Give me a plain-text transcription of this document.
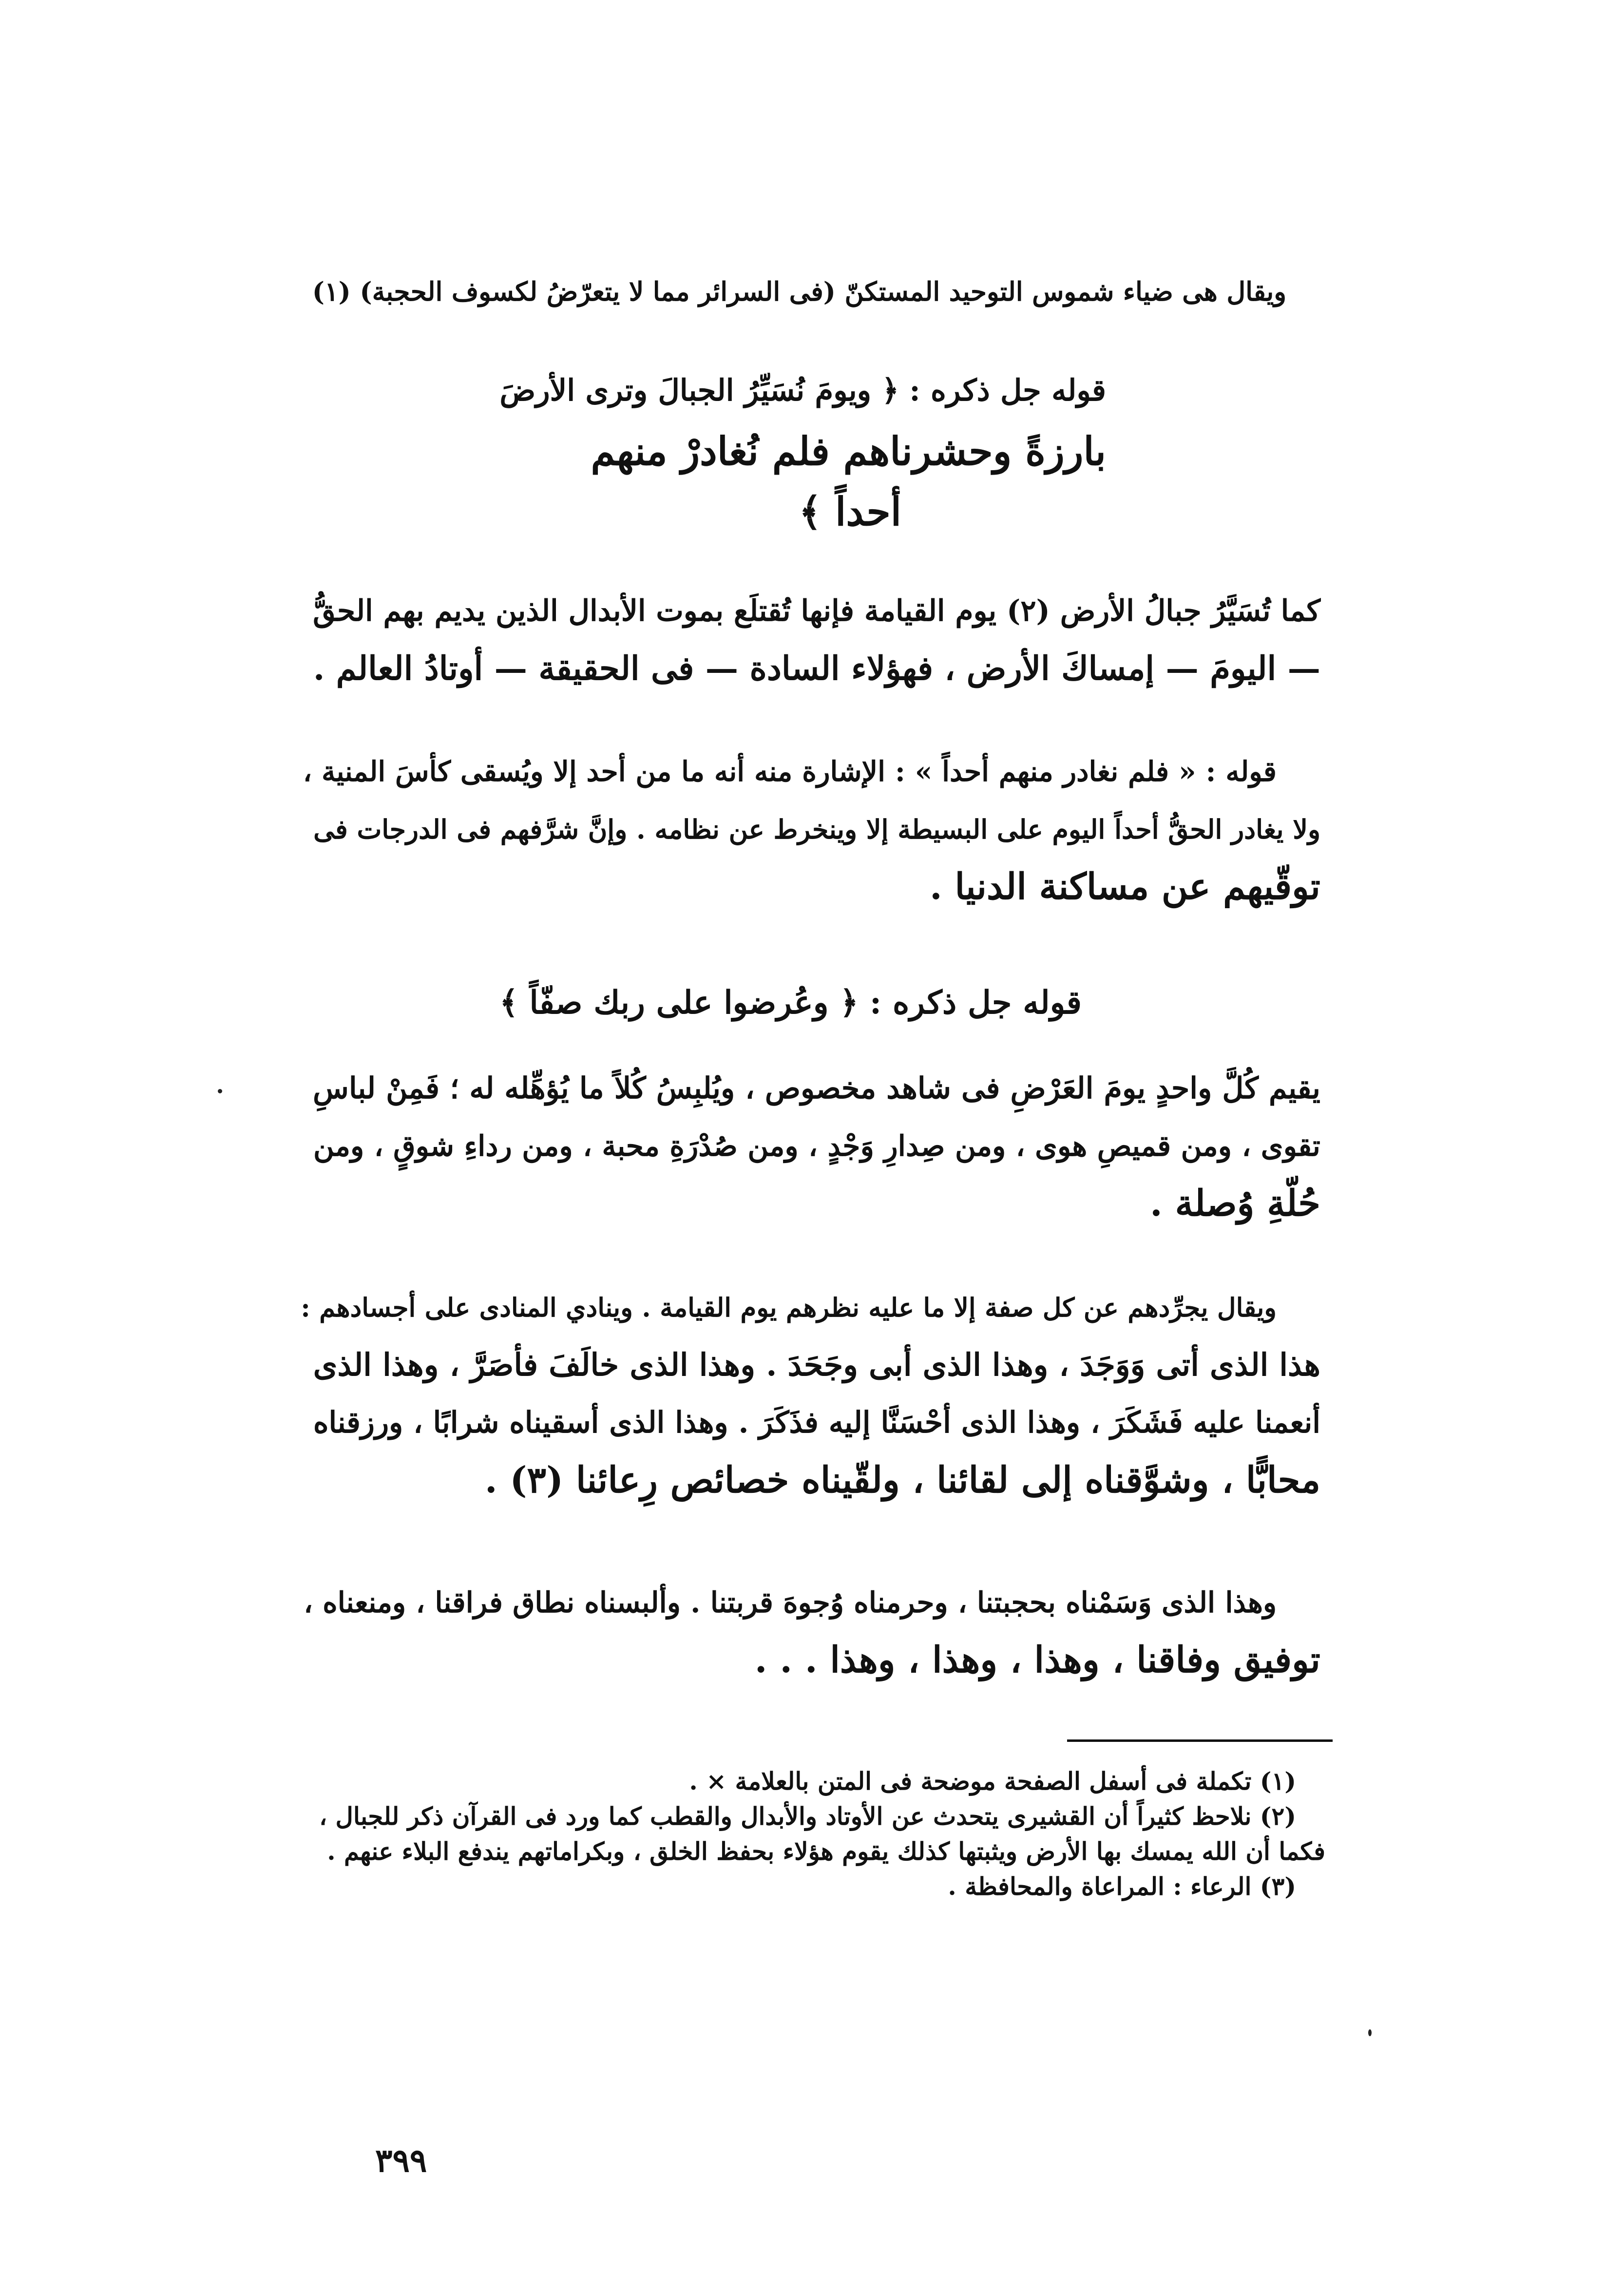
ويقال هى ضياء شموس التوحيد المستكنّ (فى السرائر مما لا يتعرّضُ لكسوف الحجبة) (١)
قوله جل ذكره : ﴿ ويومَ نُسَيِّرُ الجبالَ وترى الأرضَ
بارزةً وحشرناهم فلم نُغادرْ منهم
أحداً ﴾
كما تُسَيَّرُ جبالُ الأرض (٢) يوم القيامة فإنها تُقتلَع بموت الأبدال الذين يديم بهم الحقُّ
— اليومَ — إمساكَ الأرض ، فهؤلاء السادة — فى الحقيقة — أوتادُ العالم .
قوله : « فلم نغادر منهم أحداً » : الإشارة منه أنه ما من أحد إلا ويُسقى كأسَ المنية ،
ولا يغادر الحقُّ أحداً اليوم على البسيطة إلا وينخرط عن نظامه . وإنَّ شرَّفهم فى الدرجات فى
توقّيهم عن مساكنة الدنيا .
قوله جل ذكره : ﴿ وعُرضوا على ربك صفّاً ﴾
يقيم كُلَّ واحدٍ يومَ العَرْضِ فى شاهد مخصوص ، ويُلبِسُ كُلاً ما يُؤهِّله له ؛ فَمِنْ لباسِ
تقوى ، ومن قميصِ هوى ، ومن صِدارِ وَجْدٍ ، ومن صُدْرَةِ محبة ، ومن رداءِ شوقٍ ، ومن
حُلّةِ وُصلة .
ويقال يجرِّدهم عن كل صفة إلا ما عليه نظرهم يوم القيامة . وينادي المنادى على أجسادهم :
هذا الذى أتى وَوَجَدَ ، وهذا الذى أبى وجَحَدَ . وهذا الذى خالَفَ فأصَرَّ ، وهذا الذى
أنعمنا عليه فَشَكَرَ ، وهذا الذى أحْسَنَّا إليه فذَكَرَ . وهذا الذى أسقيناه شرابًا ، ورزقناه
محابًّا ، وشوَّقناه إلى لقائنا ، ولقّيناه خصائص رِعائنا (٣) .
وهذا الذى وَسَمْناه بحجبتنا ، وحرمناه وُجوهَ قربتنا . وألبسناه نطاق فراقنا ، ومنعناه ،
توفيق وفاقنا ، وهذا ، وهذا ، وهذا . . .
(١) تكملة فى أسفل الصفحة موضحة فى المتن بالعلامة × .
(٢) نلاحظ كثيراً أن القشيرى يتحدث عن الأوتاد والأبدال والقطب كما ورد فى القرآن ذكر للجبال ،
فكما أن الله يمسك بها الأرض ويثبتها كذلك يقوم هؤلاء بحفظ الخلق ، وبكراماتهم يندفع البلاء عنهم .
(٣) الرعاء : المراعاة والمحافظة .
٣٩٩
